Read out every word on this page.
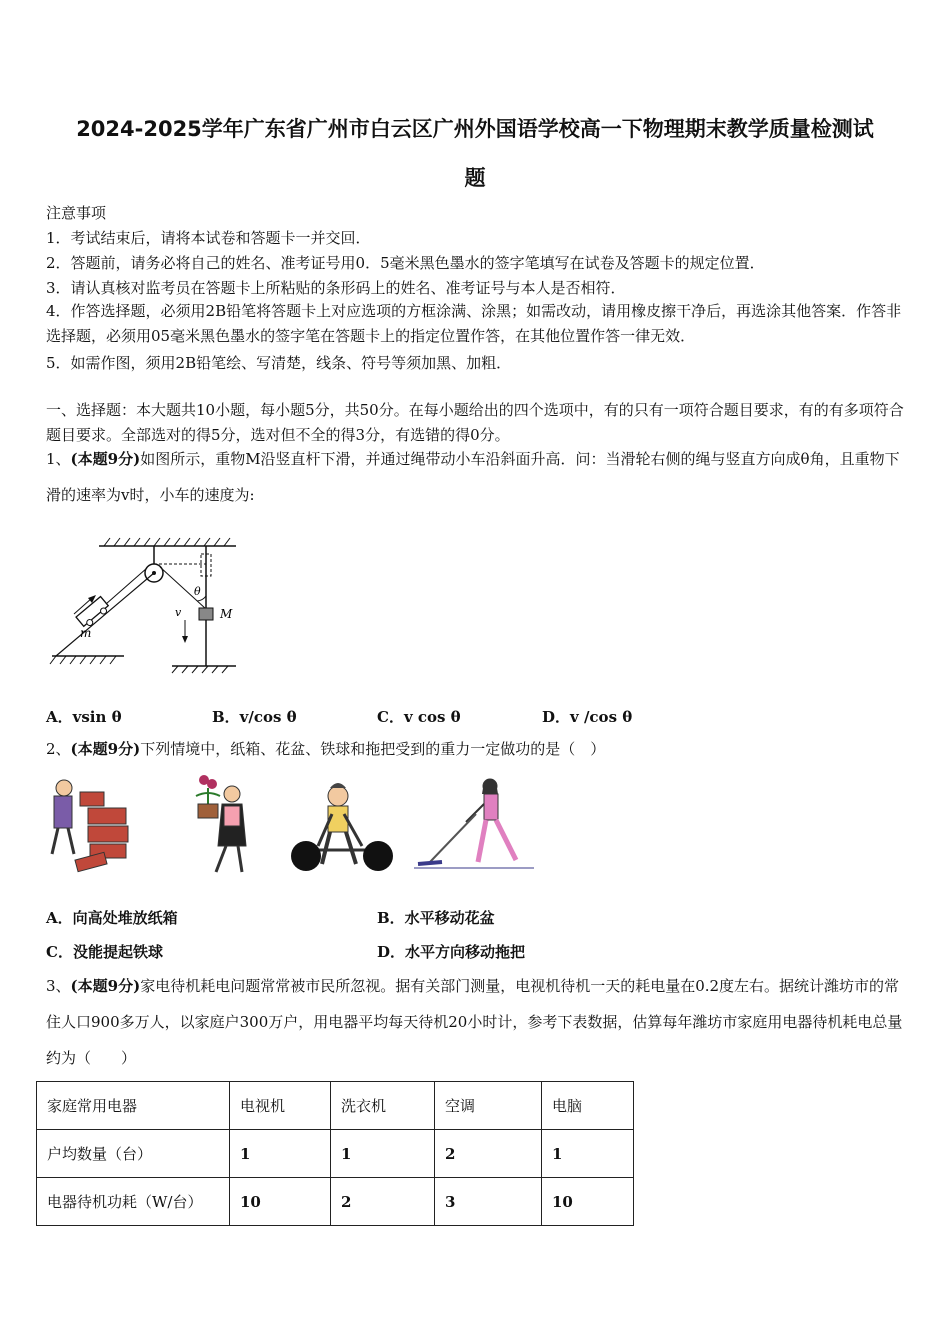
2024-2025学年广东省广州市白云区广州外国语学校高一下物理期末教学质量检测试
题
注意事项
1．考试结束后，请将本试卷和答题卡一并交回．
2．答题前，请务必将自己的姓名、准考证号用0．5毫米黑色墨水的签字笔填写在试卷及答题卡的规定位置．
3．请认真核对监考员在答题卡上所粘贴的条形码上的姓名、准考证号与本人是否相符．
4．作答选择题，必须用2B铅笔将答题卡上对应选项的方框涂满、涂黑；如需改动，请用橡皮擦干净后，再选涂其他答案．作答非选择题，必须用05毫米黑色墨水的签字笔在答题卡上的指定位置作答，在其他位置作答一律无效．
5．如需作图，须用2B铅笔绘、写清楚，线条、符号等须加黑、加粗．
一、选择题：本大题共10小题，每小题5分，共50分。在每小题给出的四个选项中，有的只有一项符合题目要求，有的有多项符合题目要求。全部选对的得5分，选对但不全的得3分，有选错的得0分。
1、(本题9分)如图所示，重物M沿竖直杆下滑，并通过绳带动小车沿斜面升高．问：当滑轮右侧的绳与竖直方向成θ角，且重物下滑的速率为v时，小车的速度为:
θ
M
m
v
A．vsin θ	B．v/cos θ	C．v cos θ	D．v /cos θ
2、(本题9分)下列情境中，纸箱、花盆、铁球和拖把受到的重力一定做功的是（　）
A．向高处堆放纸箱	B．水平移动花盆
C．没能提起铁球	D．水平方向移动拖把
3、(本题9分)家电待机耗电问题常常被市民所忽视。据有关部门测量，电视机待机一天的耗电量在0.2度左右。据统计潍坊市的常住人口900多万人，以家庭户300万户，用电器平均每天待机20小时计，参考下表数据，估算每年潍坊市家庭用电器待机耗电总量约为（　　）
家庭常用电器	电视机	洗衣机	空调	电脑
户均数量（台）	1	1	2	1
电器待机功耗（W/台）	10	2	3	10
